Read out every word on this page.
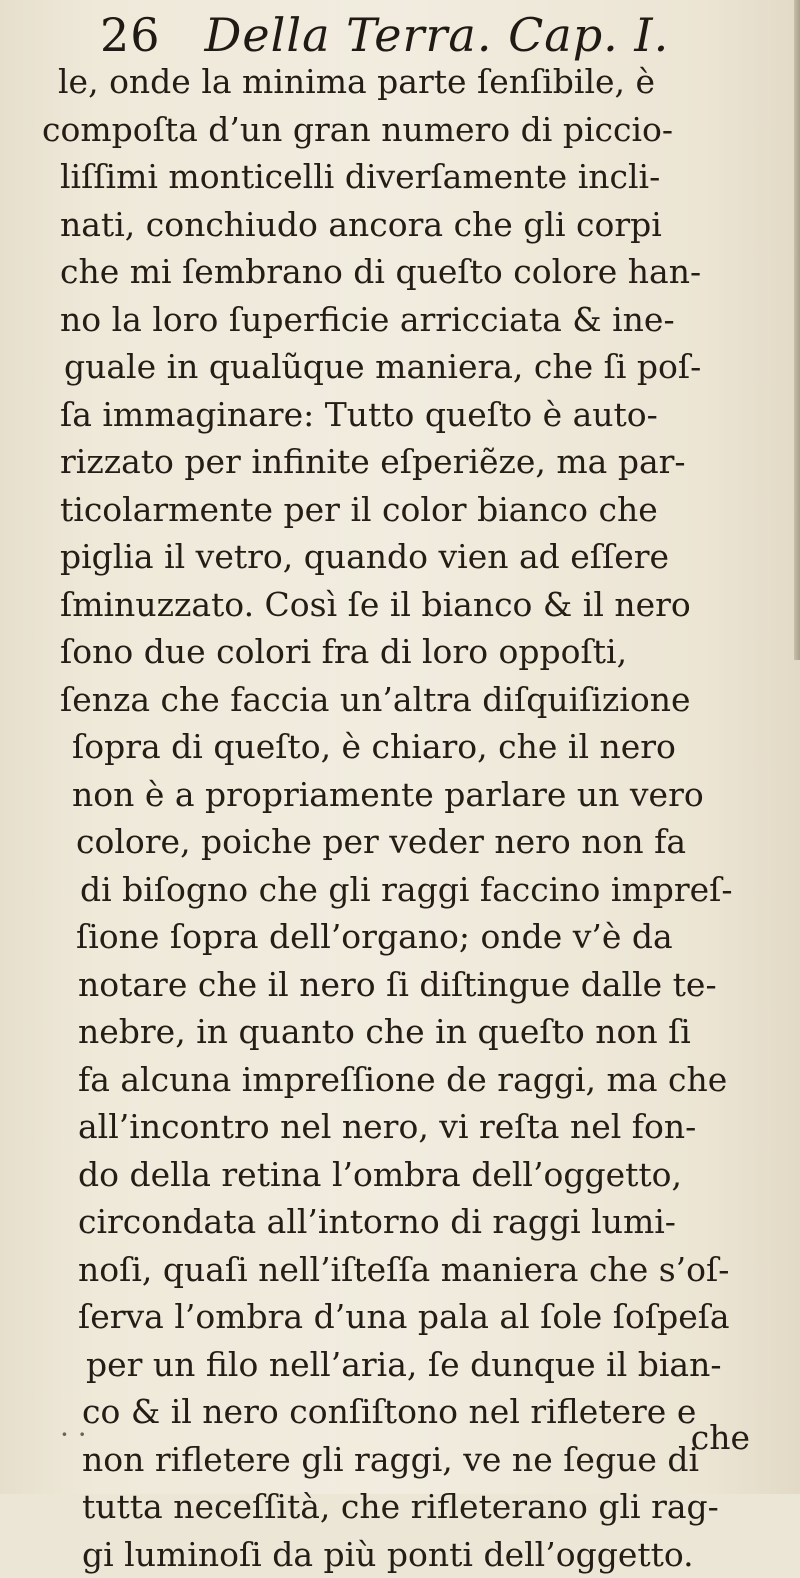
26 Della Terra. Cap. I.
le, onde la minima parte ſenſibile, è
compoſta d’un gran numero di piccio-
liſſimi monticelli diverſamente incli-
nati, conchiudo ancora che gli corpi
che mi ſembrano di queſto colore han-
no la loro ſuperficie arricciata & ine-
guale in qualũque maniera, che ſi poſ-
ſa immaginare: Tutto queſto è auto-
rizzato per infinite eſperiẽze, ma par-
ticolarmente per il color bianco che
piglia il vetro, quando vien ad eſſere
ſminuzzato. Così ſe il bianco & il nero
ſono due colori fra di loro oppoſti,
ſenza che faccia un’altra diſquiſizione
ſopra di queſto, è chiaro, che il nero
non è a propriamente parlare un vero
colore, poiche per veder nero non fa
di biſogno che gli raggi faccino impreſ-
ſione ſopra dell’organo; onde v’è da
notare che il nero ſi diſtingue dalle te-
nebre, in quanto che in queſto non ſi
fa alcuna impreſſione de raggi, ma che
all’incontro nel nero, vi reſta nel fon-
do della retina l’ombra dell’oggetto,
circondata all’intorno di raggi lumi-
noſi, quaſi nell’iſteſſa maniera che s’oſ-
ſerva l’ombra d’una pala al ſole ſoſpeſa
per un filo nell’aria, ſe dunque il bian-
co & il nero conſiſtono nel rifletere e
non rifletere gli raggi, ve ne ſegue di
tutta neceſſità, che rifleterano gli rag-
gi luminoſi da più ponti dell’oggetto.
· ·	che
